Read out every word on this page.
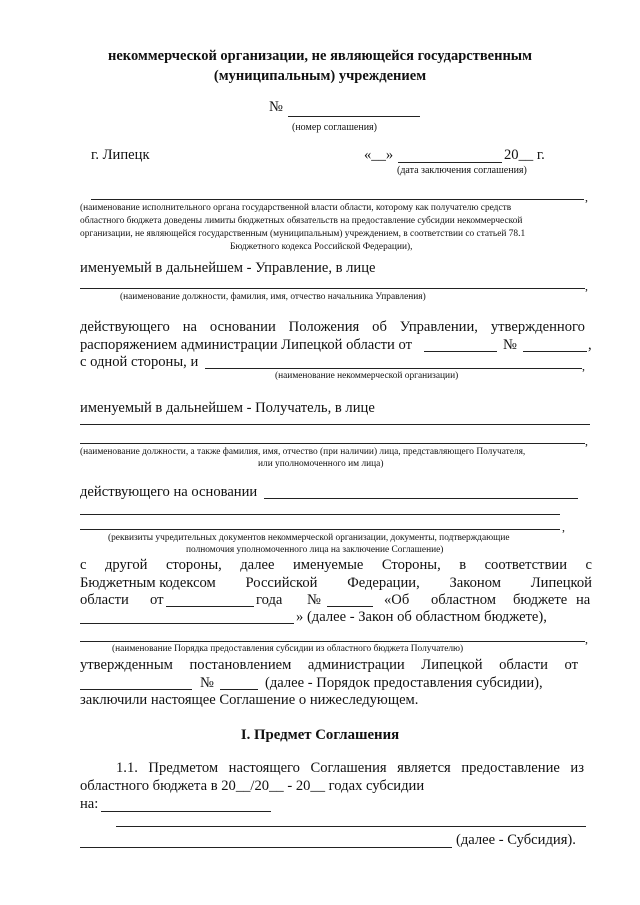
некоммерческой организации, не являющейся государственным
(муниципальным) учреждением
№
(номер соглашения)
г. Липецк	«__»	20__ г.
(дата заключения соглашения)
,
(наименование исполнительного органа государственной власти области, которому как получателю средств
областного бюджета доведены лимиты бюджетных обязательств на предоставление субсидии некоммерческой
организации, не являющейся государственным (муниципальным) учреждением, в соответствии со статьей 78.1
Бюджетного кодекса Российской Федерации),
именуемый в дальнейшем - Управление, в лице
,
(наименование должности, фамилия, имя, отчество начальника Управления)
действующего на основании Положения об Управлении, утвержденного
распоряжением администрации Липецкой области от	№	,
с одной стороны, и	,
(наименование некоммерческой организации)
именуемый в дальнейшем - Получатель, в лице
,
(наименование должности, а также фамилия, имя, отчество (при наличии) лица, представляющего Получателя,
или уполномоченного им лица)
действующего на основании
,
(реквизиты учредительных документов некоммерческой организации, документы, подтверждающие
полномочия уполномоченного лица на заключение Соглашение)
с другой стороны, далее именуемые Стороны, в соответствии с
Бюджетным кодексом Российской Федерации, Законом Липецкой
области от	года №	«Об областном бюджете на
» (далее - Закон об областном бюджете),
,
(наименование Порядка предоставления субсидии из областного бюджета Получателю)
утвержденным постановлением администрации Липецкой области от
№	(далее - Порядок предоставления субсидии),
заключили настоящее Соглашение о нижеследующем.
I. Предмет Соглашения
1.1. Предметом настоящего Соглашения является предоставление из
областного бюджета в 20__/20__ - 20__ годах субсидии
на:
(далее - Субсидия).
